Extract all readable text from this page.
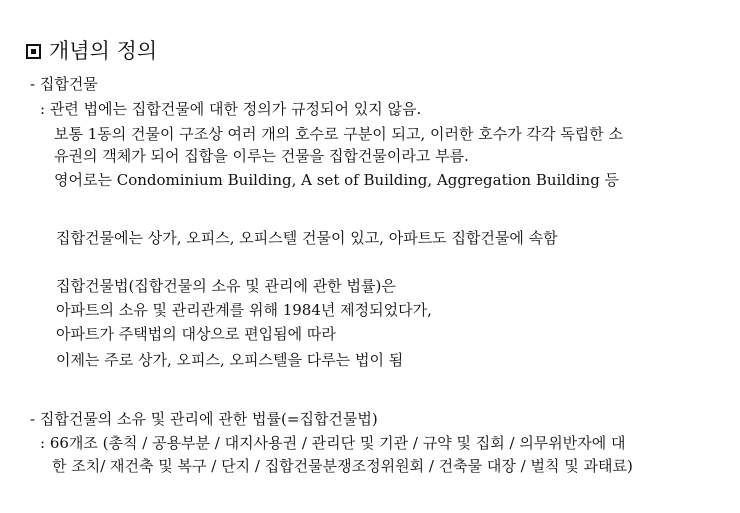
개념의 정의
- 집합건물
: 관련 법에는 집합건물에 대한 정의가 규정되어 있지 않음.
보통 1동의 건물이 구조상 여러 개의 호수로 구분이 되고, 이러한 호수가 각각 독립한 소
유권의 객체가 되어 집합을 이루는 건물을 집합건물이라고 부름.
영어로는 Condominium Building, A set of Building, Aggregation Building 등
집합건물에는 상가, 오피스, 오피스텔 건물이 있고, 아파트도 집합건물에 속함
집합건물법(집합건물의 소유 및 관리에 관한 법률)은
아파트의 소유 및 관리관계를 위해 1984년 제정되었다가,
아파트가 주택법의 대상으로 편입됨에 따라
이제는 주로 상가, 오피스, 오피스텔을 다루는 법이 됨
- 집합건물의 소유 및 관리에 관한 법률(=집합건물법)
: 66개조 (총칙 / 공용부분 / 대지사용권 / 관리단 및 기관 / 규약 및 집회 / 의무위반자에 대
한 조치/ 재건축 및 복구 / 단지 / 집합건물분쟁조정위원회 / 건축물 대장 / 벌칙 및 과태료)
